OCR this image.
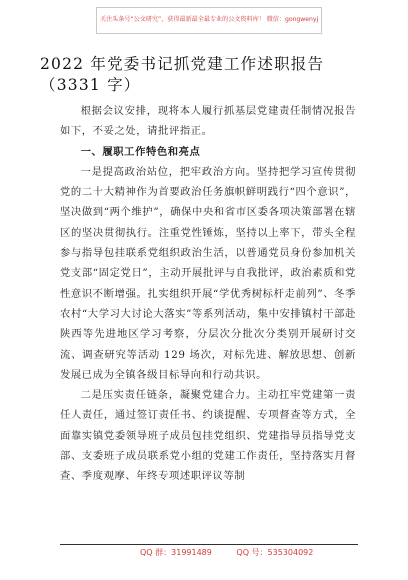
关注头条号“公文研究”，获得最新最全最专业的公文资料库！ 微信：gongwenyj
2022 年党委书记抓党建工作述职报告（3331 字）

根据会议安排，现将本人履行抓基层党建责任制情况报告如下，不妥之处，请批评指正。

一、履职工作特色和亮点

一是提高政治站位，把牢政治方向。坚持把学习宣传贯彻党的二十大精神作为首要政治任务旗帜鲜明践行“四个意识”，坚决做到“两个维护”，确保中央和省市区委各项决策部署在辖区的坚决贯彻执行。注重党性锤炼，坚持以上率下，带头全程参与指导包挂联系党组织政治生活，以普通党员身份参加机关党支部“固定党日”，主动开展批评与自我批评，政治素质和党性意识不断增强。扎实组织开展“学优秀树标杆走前列”、冬季农村“大学习大讨论大落实”等系列活动，集中安排镇村干部赴陕西等先进地区学习考察，分层次分批次分类别开展研讨交流、调查研究等活动 129 场次，对标先进、解放思想、创新发展已成为全镇各级目标导向和行动共识。

二是压实责任链条，凝聚党建合力。主动扛牢党建第一责任人责任，通过签订责任书、约谈提醒、专项督查等方式，全面靠实镇党委领导班子成员包挂党组织、党建指导员指导党支部、支委班子成员联系党小组的党建工作责任，坚持落实月督查、季度观摩、年终专项述职评议等制

QQ 群：31991489	QQ 号：535304092
